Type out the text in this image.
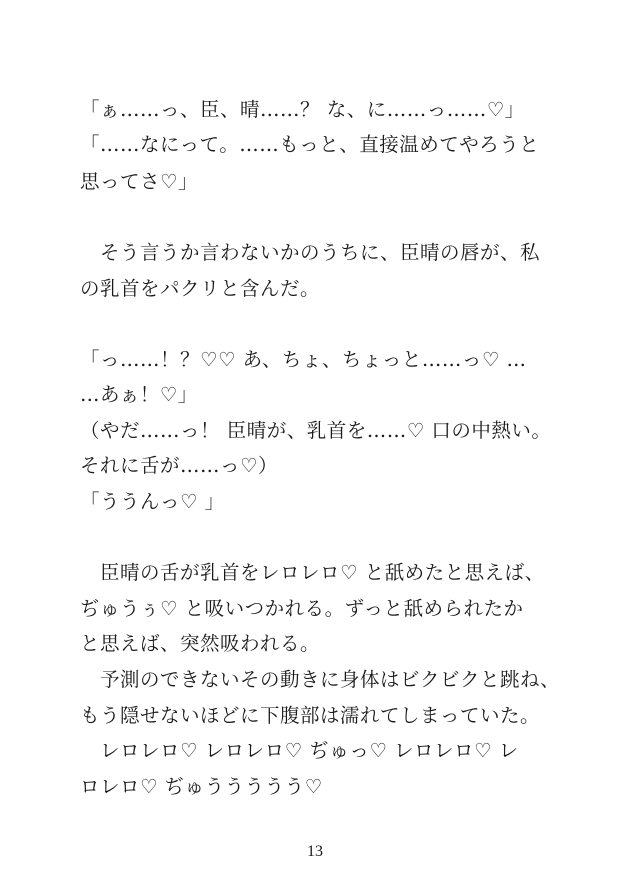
「ぁ……っ、臣、晴……？ な、に……っ……♡」
「……なにって。……もっと、直接温めてやろうと
思ってさ♡」
　そう言うか言わないかのうちに、臣晴の唇が、私
の乳首をパクリと含んだ。
「っ……！？♡♡ あ、ちょ、ちょっと……っ♡ …
…あぁ！♡」
（やだ……っ！ 臣晴が、乳首を……♡ 口の中熱い。
それに舌が……っ♡）
「ううんっ♡ 」
　臣晴の舌が乳首をレロレロ♡ と舐めたと思えば、
ぢゅうぅ♡ と吸いつかれる。ずっと舐められたか
と思えば、突然吸われる。
　予測のできないその動きに身体はビクビクと跳ね、
もう隠せないほどに下腹部は濡れてしまっていた。
　レロレロ♡ レロレロ♡ ぢゅっ♡ レロレロ♡ レ
ロレロ♡ ぢゅううううう♡
13
